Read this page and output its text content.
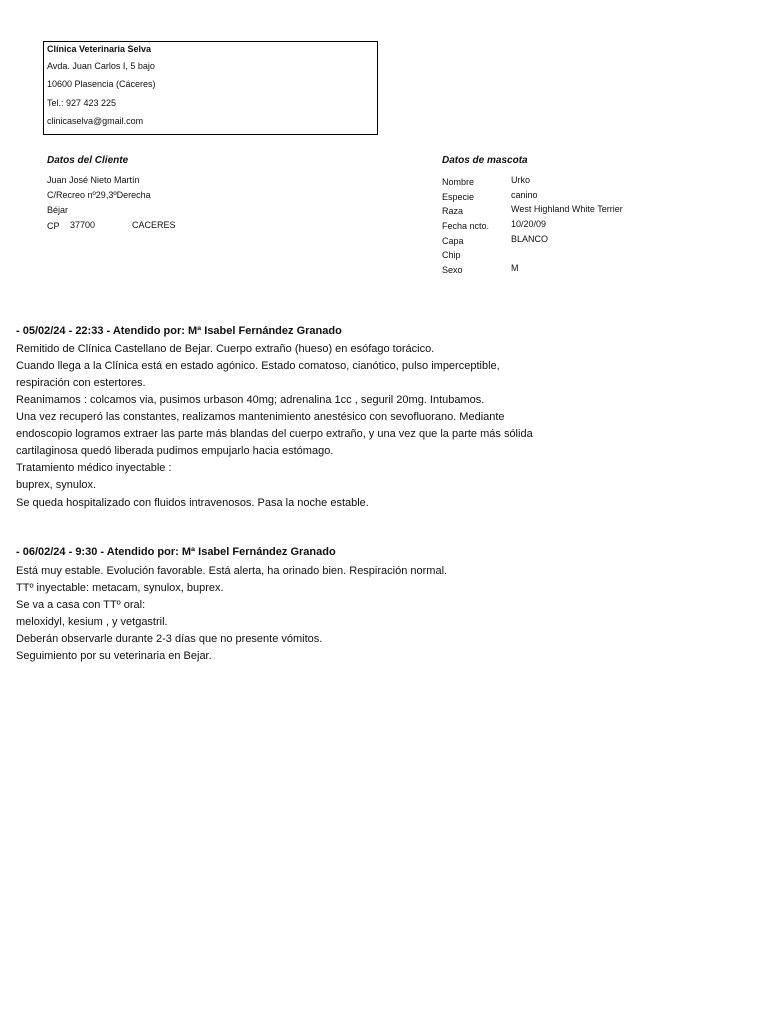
Clínica Veterinaria Selva
Avda. Juan Carlos I, 5 bajo
10600 Plasencia (Cáceres)
Tel.: 927 423 225
clinicaselva@gmail.com
Datos del Cliente
Juan José Nieto Martín
C/Recreo nº29,3ºDerecha
Béjar
CP 37700	CACERES
Datos de mascota
Nombre	Urko
Especie	canino
Raza	West Highland White Terrier
Fecha ncto. 10/20/09
Capa	BLANCO
Chip
Sexo	M
- 05/02/24 - 22:33 - Atendido por: Mª Isabel Fernández Granado
Remitido de Clínica Castellano de Bejar. Cuerpo extraño (hueso) en esófago torácico.
Cuando llega a la Clínica está en estado agónico. Estado comatoso, cianótico, pulso imperceptible,
respiración con estertores.
Reanimamos : colcamos via, pusimos urbason 40mg; adrenalina 1cc , seguril 20mg. Intubamos.
Una vez recuperó las constantes, realizamos mantenimiento anestésico con sevofluorano. Mediante
endoscopio logramos extraer las parte más blandas del cuerpo extraño, y una vez que la parte más sólida
cartilaginosa quedó liberada pudimos empujarlo hacia estómago.
Tratamiento médico inyectable :
buprex, synulox.
Se queda hospitalizado con fluidos intravenosos. Pasa la noche estable.
- 06/02/24 - 9:30 - Atendido por: Mª Isabel Fernández Granado
Está muy estable. Evolución favorable. Está alerta, ha orinado bien. Respiración normal.
TTº inyectable: metacam, synulox, buprex.
Se va a casa con TTº oral:
meloxidyl, kesium , y vetgastril.
Deberán observarle durante 2-3 días que no presente vómitos.
Seguimiento por su veterinaria en Bejar.
